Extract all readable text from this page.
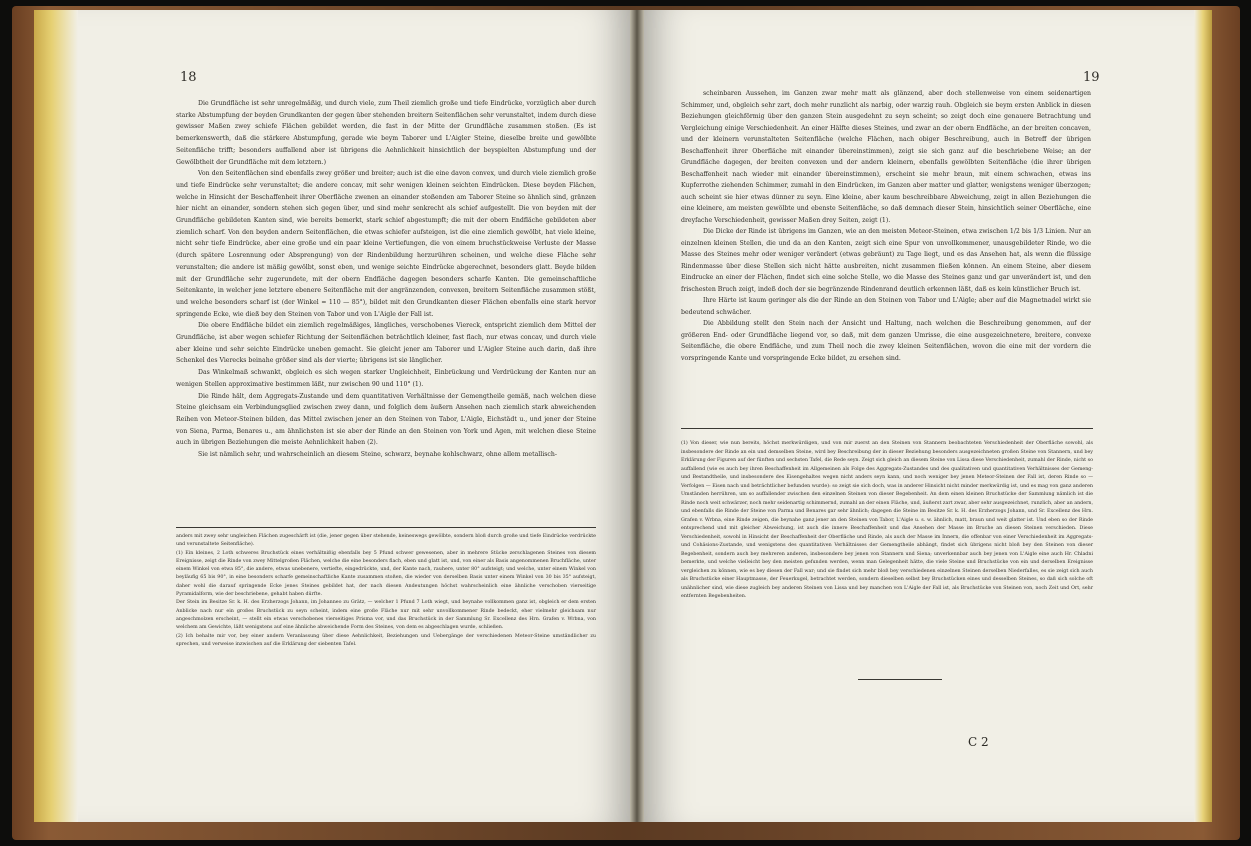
18	19

Die Grundfläche ist sehr unregelmäßig, und durch viele, zum Theil ziemlich große und tiefe Eindrücke, vorzüglich aber durch starke Abstumpfung der beyden Grundkanten der gegen über stehenden breitern Seitenflächen sehr verunstaltet, indem durch diese gewisser Maßen zwey schiefe Flächen gebildet werden, die fast in der Mitte der Grundfläche zusammen stoßen. (Es ist bemerkenswerth, daß die stärkere Abstumpfung, gerade wie beym Taborer und L'Aigler Steine, dieselbe breite und gewölbte Seitenfläche trifft; besonders auffallend aber ist übrigens die Aehnlichkeit hinsichtlich der beyspielten Abstumpfung und der Gewölbtheit der Grundfläche mit dem letztern.)

Von den Seitenflächen sind ebenfalls zwey größer und breiter; auch ist die eine davon convex, und durch viele ziemlich große und tiefe Eindrücke sehr verunstaltet; die andere concav, mit sehr wenigen kleinen seichten Eindrücken. Diese beyden Flächen, welche in Hinsicht der Beschaffenheit ihrer Oberfläche zwenen an einander stoßenden am Taborer Steine so ähnlich sind, gränzen hier nicht an einander, sondern stehen sich gegen über, und sind mehr senkrecht als schief aufgestellt. Die von beyden mit der Grundfläche gebildeten Kanten sind, wie bereits bemerkt, stark schief abgestumpft; die mit der obern Endfläche gebildeten aber ziemlich scharf. Von den beyden andern Seitenflächen, die etwas schiefer aufsteigen, ist die eine ziemlich gewölbt, hat viele kleine, nicht sehr tiefe Eindrücke, aber eine große und ein paar kleine Vertiefungen, die von einem bruchstückweise Verluste der Masse (durch spätere Losrennung oder Absprengung) von der Rindenbildung herzurühren scheinen, und welche diese Fläche sehr verunstalten; die andere ist mäßig gewölbt, sonst eben, und wenige seichte Eindrücke abgerechnet, besonders glatt. Beyde bilden mit der Grundfläche sehr zugerundete, mit der obern Endfläche dagegen besonders scharfe Kanten. Die gemeinschaftliche Seitenkante, in welcher jene letztere ebenere Seitenfläche mit der angränzenden, convexen, breitern Seitenfläche zusammen stößt, und welche besonders scharf ist (der Winkel = 110 — 85°), bildet mit den Grundkanten dieser Flächen ebenfalls eine stark hervor springende Ecke, wie dieß bey den Steinen von Tabor und von L'Aigle der Fall ist.

Die obere Endfläche bildet ein ziemlich regelmäßiges, längliches, verschobenes Viereck, entspricht ziemlich dem Mittel der Grundfläche, ist aber wegen schiefer Richtung der Seitenflächen beträchtlich kleiner, fast flach, nur etwas concav, und durch viele aber kleine und sehr seichte Eindrücke uneben gemacht. Sie gleicht jener am Taborer und L'Aigler Steine auch darin, daß ihre Schenkel des Vierecks beinahe größer sind als der vierte; übrigens ist sie länglicher.

Das Winkelmaß schwankt, obgleich es sich wegen starker Ungleichheit, Einbrückung und Verdrückung der Kanten nur an wenigen Stellen approximative bestimmen läßt, nur zwischen 90 und 110° (1).

Die Rinde hält, dem Aggregats-Zustande und dem quantitativen Verhältnisse der Gemengtheile gemäß, nach welchen diese Steine gleichsam ein Verbindungsglied zwischen zwey dann, und folglich dem äußern Ansehen nach ziemlich stark abweichenden Reihen von Meteor-Steinen bilden, das Mittel zwischen jener an den Steinen von Tabor, L'Aigle, Eichstädt u., und jener der Steine von Siena, Parma, Benares u., am ähnlichsten ist sie aber der Rinde an den Steinen von York und Agen, mit welchen diese Steine auch in übrigen Beziehungen die meiste Aehnlichkeit haben (2).

Sie ist nämlich sehr, und wahrscheinlich an diesem Steine, schwarz, beynahe kohlschwarz, ohne allem metallisch-

anders mit zwey sehr ungleichen Flächen zugeschärft ist (die, jener gegen über stehende, keineswegs gewölbte, sondern bloß durch große und tiefe Eindrücke verdrückte und verunstaltete Seitenfläche).

(1) Ein kleines, 2 Loth schweres Bruchstück eines verhältnißig ebenfalls bey 5 Pfund schwer gewesenen, aber in mehrere Stücke zerschlagenen Steines von diesem Ereignisse, zeigt die Rinde von zwey Mittelgroßen Flächen, welche die eine besonders flach, eben und glatt ist, und, von einer als Basis angenommenen Bruchfläche, unter einem Winkel von etwa 85°, die andere, etwas unebenere, vertiefte, eingedrückte, und, der Kante nach, rauhere, unter 80° aufsteigt; und welche, unter einem Winkel von beyläufig 65 bis 90°, in eine besonders scharfe gemeinschaftliche Kante zusammen stoßen, die wieder von derselben Basis unter einem Winkel von 30 bis 35° aufsteigt, daher wohl die darauf springende Ecke jenes Steines gebildet hat, der nach diesen Andeutungen höchst wahrscheinlich eine ähnliche verschoben vierseitige Pyramidalform, wie der beschriebene, gehabt haben dürfte.

Der Stein im Besitze Sr. k. H. des Erzherzogs Johann, im Johanneo zu Grätz, — welcher 1 Pfund 7 Loth wiegt, und beynahe vollkommen ganz ist, obgleich er dem ersten Anblicke nach nur ein großes Bruchstück zu seyn scheint, indem eine große Fläche nur mit sehr unvollkommener Rinde bedeckt, eher vielmehr gleichsam nur angeschmolzen erscheint, — stellt ein etwas verschobenes vierseitiges Prisma vor, und das Bruchstück in der Sammlung Sr. Excellenz des Hrn. Grafen v. Wrbna, von welchem am Gewichte, läßt wenigstens auf eine ähnliche abweichende Form des Steines, von dem es abgeschlagen wurde, schließen.

(2) Ich behalte mir vor, bey einer andern Veranlassung über diese Aehnlichkeit, Beziehungen und Uebergänge der verschiedenen Meteor-Steine umständlicher zu sprechen, und verweise inzwischen auf die Erklärung der siebenten Tafel.

scheinbaren Aussehen, im Ganzen zwar mehr matt als glänzend, aber doch stellenweise von einem seidenartigen Schimmer, und, obgleich sehr zart, doch mehr runzlicht als narbig, oder warzig rauh. Obgleich sie beym ersten Anblick in diesen Beziehungen gleichförmig über den ganzen Stein ausgedehnt zu seyn scheint; so zeigt doch eine genauere Betrachtung und Vergleichung einige Verschiedenheit. An einer Hälfte dieses Steines, und zwar an der obern Endfläche, an der breiten concaven, und der kleinern verunstalteten Seitenfläche (welche Flächen, nach obiger Beschreibung, auch in Betreff der übrigen Beschaffenheit ihrer Oberfläche mit einander übereinstimmen), zeigt sie sich ganz auf die beschriebene Weise; an der Grundfläche dagegen, der breiten convexen und der andern kleinern, ebenfalls gewölbten Seitenfläche (die ihrer übrigen Beschaffenheit nach wieder mit einander übereinstimmen), erscheint sie mehr braun, mit einem schwachen, etwas ins Kupferrothe ziehenden Schimmer, zumahl in den Eindrücken, im Ganzen aber matter und glatter, wenigstens weniger überzogen; auch scheint sie hier etwas dünner zu seyn. Eine kleine, aber kaum beschreibbare Abweichung, zeigt in allen Beziehungen die eine kleinere, am meisten gewölbte und ebenste Seitenfläche, so daß demnach dieser Stein, hinsichtlich seiner Oberfläche, eine dreyfache Verschiedenheit, gewisser Maßen drey Seiten, zeigt (1).

Die Dicke der Rinde ist übrigens im Ganzen, wie an den meisten Meteor-Steinen, etwa zwischen 1/2 bis 1/3 Linien. Nur an einzelnen kleinen Stellen, die und da an den Kanten, zeigt sich eine Spur von unvollkommener, unausgebildeter Rinde, wo die Masse des Steines mehr oder weniger verändert (etwas gebräunt) zu Tage liegt, und es das Ansehen hat, als wenn die flüssige Rindenmasse über diese Stellen sich nicht hätte ausbreiten, nicht zusammen fließen können. An einem Steine, aber diesem Eindrucke an einer der Flächen, findet sich eine solche Stelle, wo die Masse des Steines ganz und gar unverändert ist, und den frischesten Bruch zeigt, indeß doch der sie begränzende Rindenrand deutlich erkennen läßt, daß es kein künstlicher Bruch ist.

Ihre Härte ist kaum geringer als die der Rinde an den Steinen von Tabor und L'Aigle; aber auf die Magnetnadel wirkt sie bedeutend schwächer.

Die Abbildung stellt den Stein nach der Ansicht und Haltung, nach welchen die Beschreibung genommen, auf der größeren End- oder Grundfläche liegend vor, so daß, mit dem ganzen Umrisse, die eine ausgezeichnetere, breitere, convexe Seitenfläche, die obere Endfläche, und zum Theil noch die zwey kleinen Seitenflächen, wovon die eine mit der vordern die vorspringende Kante und vorspringende Ecke bildet, zu ersehen sind.

(1) Von dieser, wie nun bereits, höchst merkwürdigen, und von mir zuerst an den Steinen von Stannern beobachteten Verschiedenheit der Oberfläche sowohl, als insbesondere der Rinde an ein und demselben Steine, wird bey Beschreibung der in dieser Beziehung besonders ausgezeichneten großen Steine von Stannern, und bey Erklärung der Figuren auf der fünften und sechsten Tafel, die Rede seyn. Zeigt sich gleich an diesem Steine von Lissa diese Verschiedenheit, zumahl der Rinde, nicht so auffallend (wie es auch bey ihren Beschaffenheit im Allgemeinen als Folge des Aggregats-Zustandes und des qualitativen und quantitativen Verhältnisses der Gemeng- und Bestandtheile, und insbesondere des Eisengehaltes wegen nicht anders seyn kann, und noch weniger bey jenen Meteor-Steinen der Fall ist, deren Rinde so — Verfolgen — Eisen nach und beträchtlicher befunden wurde): so zeigt sie sich doch, was in anderer Hinsicht nicht minder merkwürdig ist, und es mag von ganz anderen Umständen herrühren, um so auffallender zwischen den einzelnen Steinen von dieser Begebenheit. An dem einen kleinen Bruchstücke der Sammlung nämlich ist die Rinde noch weit schwärzer, noch mehr seidenartig schimmernd, zumahl an der einen Fläche, und, äußerst zart zwar, aber sehr ausgezeichnet, runzlich, aber an andern, und ebenfalls die Rinde der Steine von Parma und Benares gar sehr ähnlich; dagegen die Steine im Besitze Sr. k. H. des Erzherzogs Johann, und Sr. Excellenz des Hrn. Grafen v. Wrbna, eine Rinde zeigen, die beynahe ganz jener an den Steinen von Tabor, L'Aigle u. s. w. ähnlich, matt, braun und weit glatter ist. Und eben so der Rinde entsprechend und mit gleicher Abweichung, ist auch die innere Beschaffenheit und das Ansehen der Masse im Bruche an diesen Steinen verschieden. Diese Verschiedenheit, sowohl in Hinsicht der Beschaffenheit der Oberfläche und Rinde, als auch der Masse im Innern, die offenbar von einer Verschiedenheit im Aggregats- und Cohäsions-Zustande, und wenigstens des quantitativen Verhältnisses der Gemengtheile abhängt, findet sich übrigens nicht bloß bey den Steinen von dieser Begebenheit, sondern auch bey mehreren anderen, insbesondere bey jenen von Stannern und Siena; unverkennbar auch bey jenen von L'Aigle eine auch Hr. Chladni bemerkte, und welche vielleicht bey den meisten gefunden werden, wenn man Gelegenheit hätte, die viele Steine und Bruchstücke von ein und derselben Ereignisse vergleichen zu können, wie es bey diesen der Fall war; und sie findet sich mehr bloß bey verschiedenen einzelnen Steinen derselben Niederfalles, es sie zeigt sich auch als Bruchstücke einer Hauptmasse, der Feuerkugel, betrachtet werden, sondern dieselben selbst bey Bruchstücken eines und desselben Steines, so daß sich solche oft unähnlicher sind, wie diese zugleich bey anderen Steinen von Lissa und bey manchen von L'Aigle der Fall ist, als Bruchstücke von Steinen von, noch Zeit und Ort, sehr entfernten Begebenheiten.

C 2
